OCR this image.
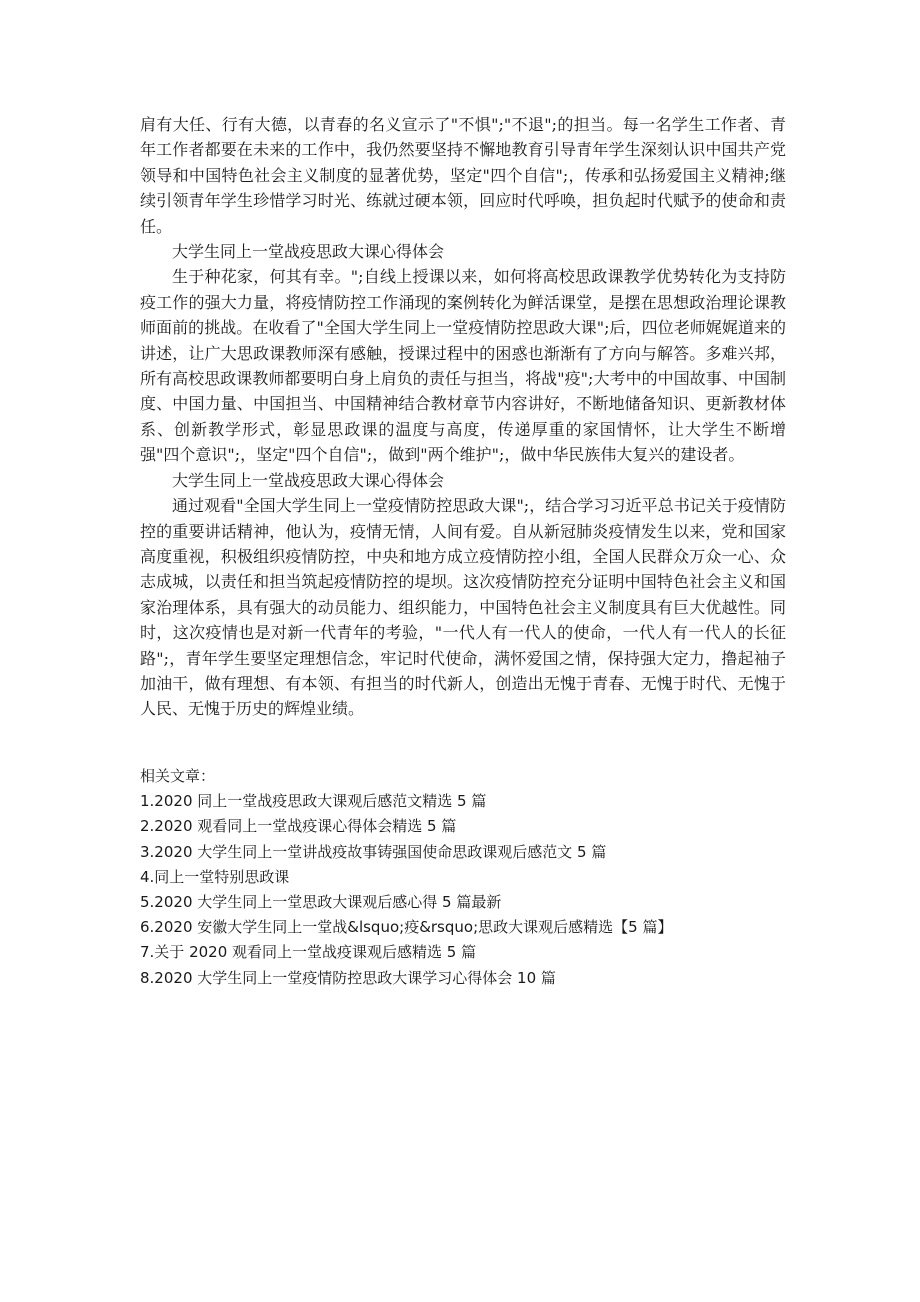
肩有大任、行有大德，以青春的名义宣示了"不惧";"不退";的担当。每一名学生工作者、青年工作者都要在未来的工作中，我仍然要坚持不懈地教育引导青年学生深刻认识中国共产党领导和中国特色社会主义制度的显著优势，坚定"四个自信";，传承和弘扬爱国主义精神;继续引领青年学生珍惜学习时光、练就过硬本领，回应时代呼唤，担负起时代赋予的使命和责任。

大学生同上一堂战疫思政大课心得体会

生于种花家，何其有幸。";自线上授课以来，如何将高校思政课教学优势转化为支持防疫工作的强大力量，将疫情防控工作涌现的案例转化为鲜活课堂，是摆在思想政治理论课教师面前的挑战。在收看了"全国大学生同上一堂疫情防控思政大课";后，四位老师娓娓道来的讲述，让广大思政课教师深有感触，授课过程中的困惑也渐渐有了方向与解答。多难兴邦，所有高校思政课教师都要明白身上肩负的责任与担当，将战"疫";大考中的中国故事、中国制度、中国力量、中国担当、中国精神结合教材章节内容讲好，不断地储备知识、更新教材体系、创新教学形式，彰显思政课的温度与高度，传递厚重的家国情怀，让大学生不断增强"四个意识";，坚定"四个自信";，做到"两个维护";，做中华民族伟大复兴的建设者。

大学生同上一堂战疫思政大课心得体会

通过观看"全国大学生同上一堂疫情防控思政大课";，结合学习习近平总书记关于疫情防控的重要讲话精神，他认为，疫情无情，人间有爱。自从新冠肺炎疫情发生以来，党和国家高度重视，积极组织疫情防控，中央和地方成立疫情防控小组，全国人民群众万众一心、众志成城，以责任和担当筑起疫情防控的堤坝。这次疫情防控充分证明中国特色社会主义和国家治理体系，具有强大的动员能力、组织能力，中国特色社会主义制度具有巨大优越性。同时，这次疫情也是对新一代青年的考验，"一代人有一代人的使命，一代人有一代人的长征路";，青年学生要坚定理想信念，牢记时代使命，满怀爱国之情，保持强大定力，撸起袖子加油干，做有理想、有本领、有担当的时代新人，创造出无愧于青春、无愧于时代、无愧于人民、无愧于历史的辉煌业绩。

相关文章：

1.2020 同上一堂战疫思政大课观后感范文精选 5 篇
2.2020 观看同上一堂战疫课心得体会精选 5 篇
3.2020 大学生同上一堂讲战疫故事铸强国使命思政课观后感范文 5 篇
4.同上一堂特别思政课
5.2020 大学生同上一堂思政大课观后感心得 5 篇最新
6.2020 安徽大学生同上一堂战&lsquo;疫&rsquo;思政大课观后感精选【5 篇】
7.关于 2020 观看同上一堂战疫课观后感精选 5 篇
8.2020 大学生同上一堂疫情防控思政大课学习心得体会 10 篇
